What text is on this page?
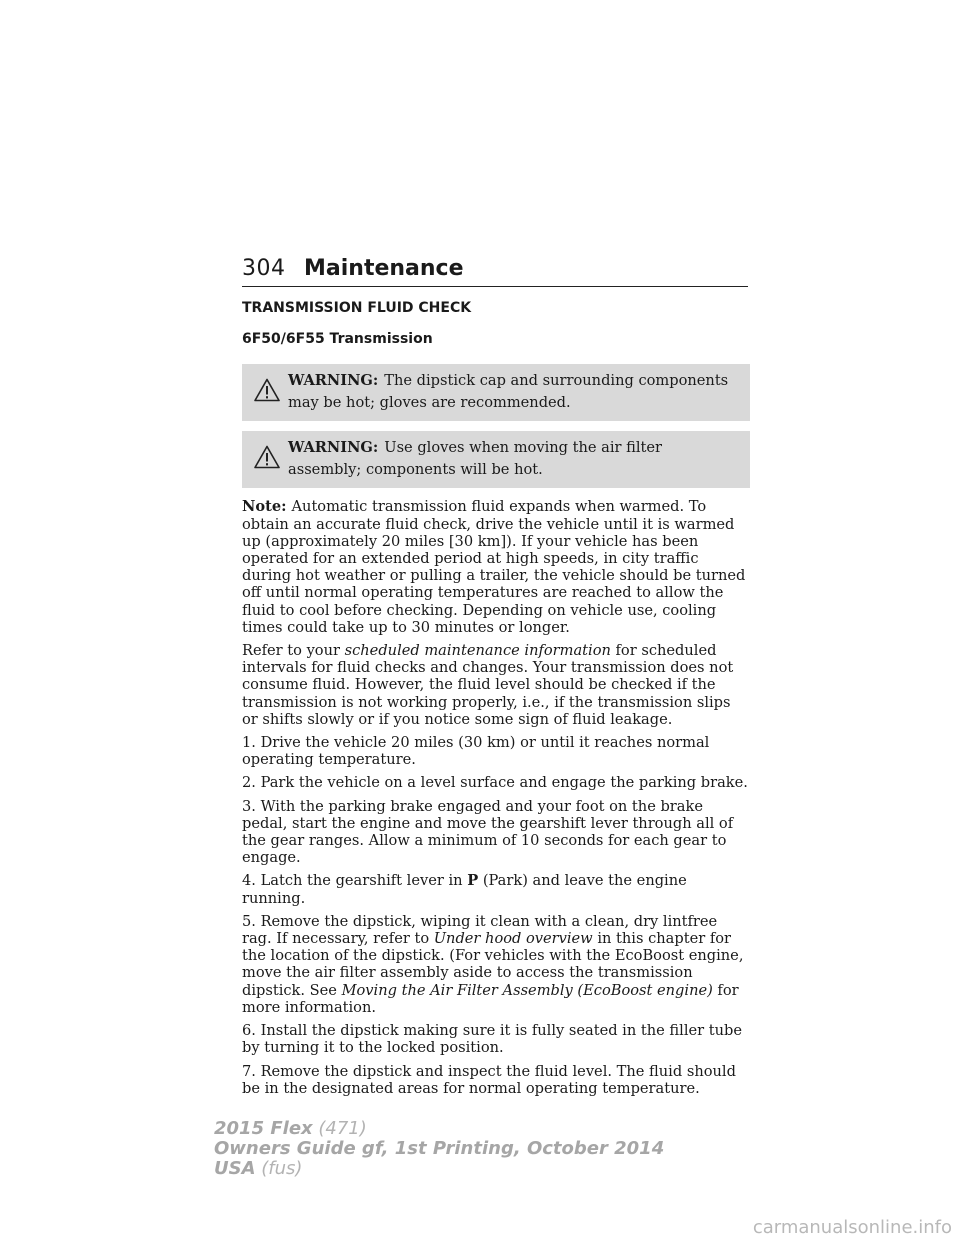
304 Maintenance
TRANSMISSION FLUID CHECK
6F50/6F55 Transmission
WARNING: The dipstick cap and surrounding components may be hot; gloves are recommended.
WARNING: Use gloves when moving the air filter assembly; components will be hot.

Note: Automatic transmission fluid expands when warmed. To obtain an accurate fluid check, drive the vehicle until it is warmed up (approximately 20 miles [30 km]). If your vehicle has been operated for an extended period at high speeds, in city traffic during hot weather or pulling a trailer, the vehicle should be turned off until normal operating temperatures are reached to allow the fluid to cool before checking. Depending on vehicle use, cooling times could take up to 30 minutes or longer.

Refer to your scheduled maintenance information for scheduled intervals for fluid checks and changes. Your transmission does not consume fluid. However, the fluid level should be checked if the transmission is not working properly, i.e., if the transmission slips or shifts slowly or if you notice some sign of fluid leakage.

1. Drive the vehicle 20 miles (30 km) or until it reaches normal operating temperature.

2. Park the vehicle on a level surface and engage the parking brake.

3. With the parking brake engaged and your foot on the brake pedal, start the engine and move the gearshift lever through all of the gear ranges. Allow a minimum of 10 seconds for each gear to engage.

4. Latch the gearshift lever in P (Park) and leave the engine running.

5. Remove the dipstick, wiping it clean with a clean, dry lintfree rag. If necessary, refer to Under hood overview in this chapter for the location of the dipstick. (For vehicles with the EcoBoost engine, move the air filter assembly aside to access the transmission dipstick. See Moving the Air Filter Assembly (EcoBoost engine) for more information.

6. Install the dipstick making sure it is fully seated in the filler tube by turning it to the locked position.

7. Remove the dipstick and inspect the fluid level. The fluid should be in the designated areas for normal operating temperature.

2015 Flex (471)
Owners Guide gf, 1st Printing, October 2014
USA (fus)
carmanualsonline.info
